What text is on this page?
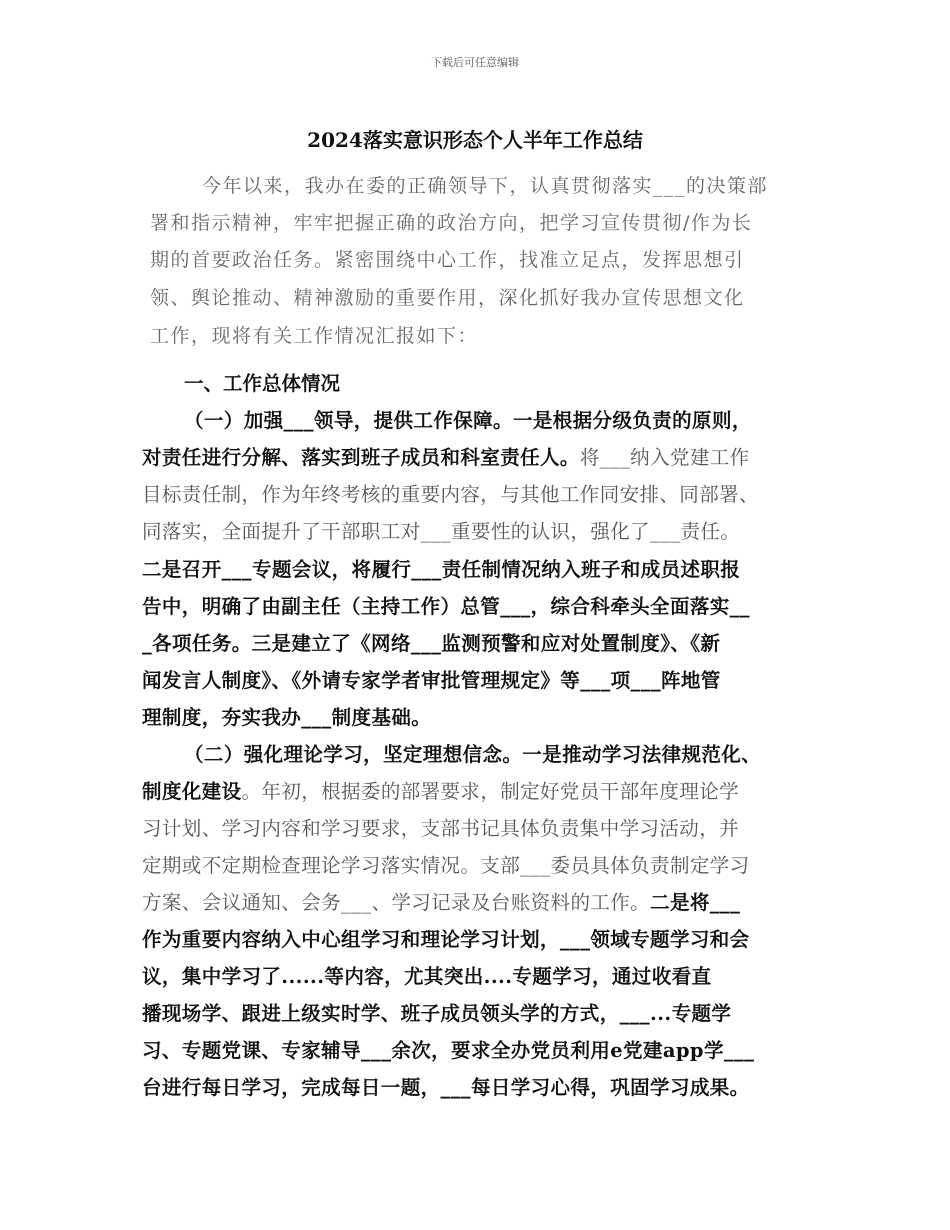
下载后可任意编辑
2024落实意识形态个人半年工作总结
今年以来，我办在委的正确领导下，认真贯彻落实___的决策部
署和指示精神，牢牢把握正确的政治方向，把学习宣传贯彻/作为长
期的首要政治任务。紧密围绕中心工作，找准立足点，发挥思想引
领、舆论推动、精神激励的重要作用，深化抓好我办宣传思想文化
工作，现将有关工作情况汇报如下：
一、工作总体情况
（一）加强___领导，提供工作保障。一是根据分级负责的原则，
对责任进行分解、落实到班子成员和科室责任人。将___纳入党建工作
目标责任制，作为年终考核的重要内容，与其他工作同安排、同部署、
同落实，全面提升了干部职工对___重要性的认识，强化了___责任。
二是召开___专题会议，将履行___责任制情况纳入班子和成员述职报
告中，明确了由副主任（主持工作）总管___，综合科牵头全面落实__
_各项任务。三是建立了《网络___监测预警和应对处置制度》、《新
闻发言人制度》、《外请专家学者审批管理规定》等___项___阵地管
理制度，夯实我办___制度基础。
（二）强化理论学习，坚定理想信念。一是推动学习法律规范化、
制度化建设。年初，根据委的部署要求，制定好党员干部年度理论学
习计划、学习内容和学习要求，支部书记具体负责集中学习活动，并
定期或不定期检查理论学习落实情况。支部___委员具体负责制定学习
方案、会议通知、会务___、学习记录及台账资料的工作。二是将___
作为重要内容纳入中心组学习和理论学习计划，___领域专题学习和会
议，集中学习了......等内容，尤其突出....专题学习，通过收看直
播现场学、跟进上级实时学、班子成员领头学的方式，___...专题学
习、专题党课、专家辅导___余次，要求全办党员利用e党建app学___
台进行每日学习，完成每日一题，___每日学习心得，巩固学习成果。
